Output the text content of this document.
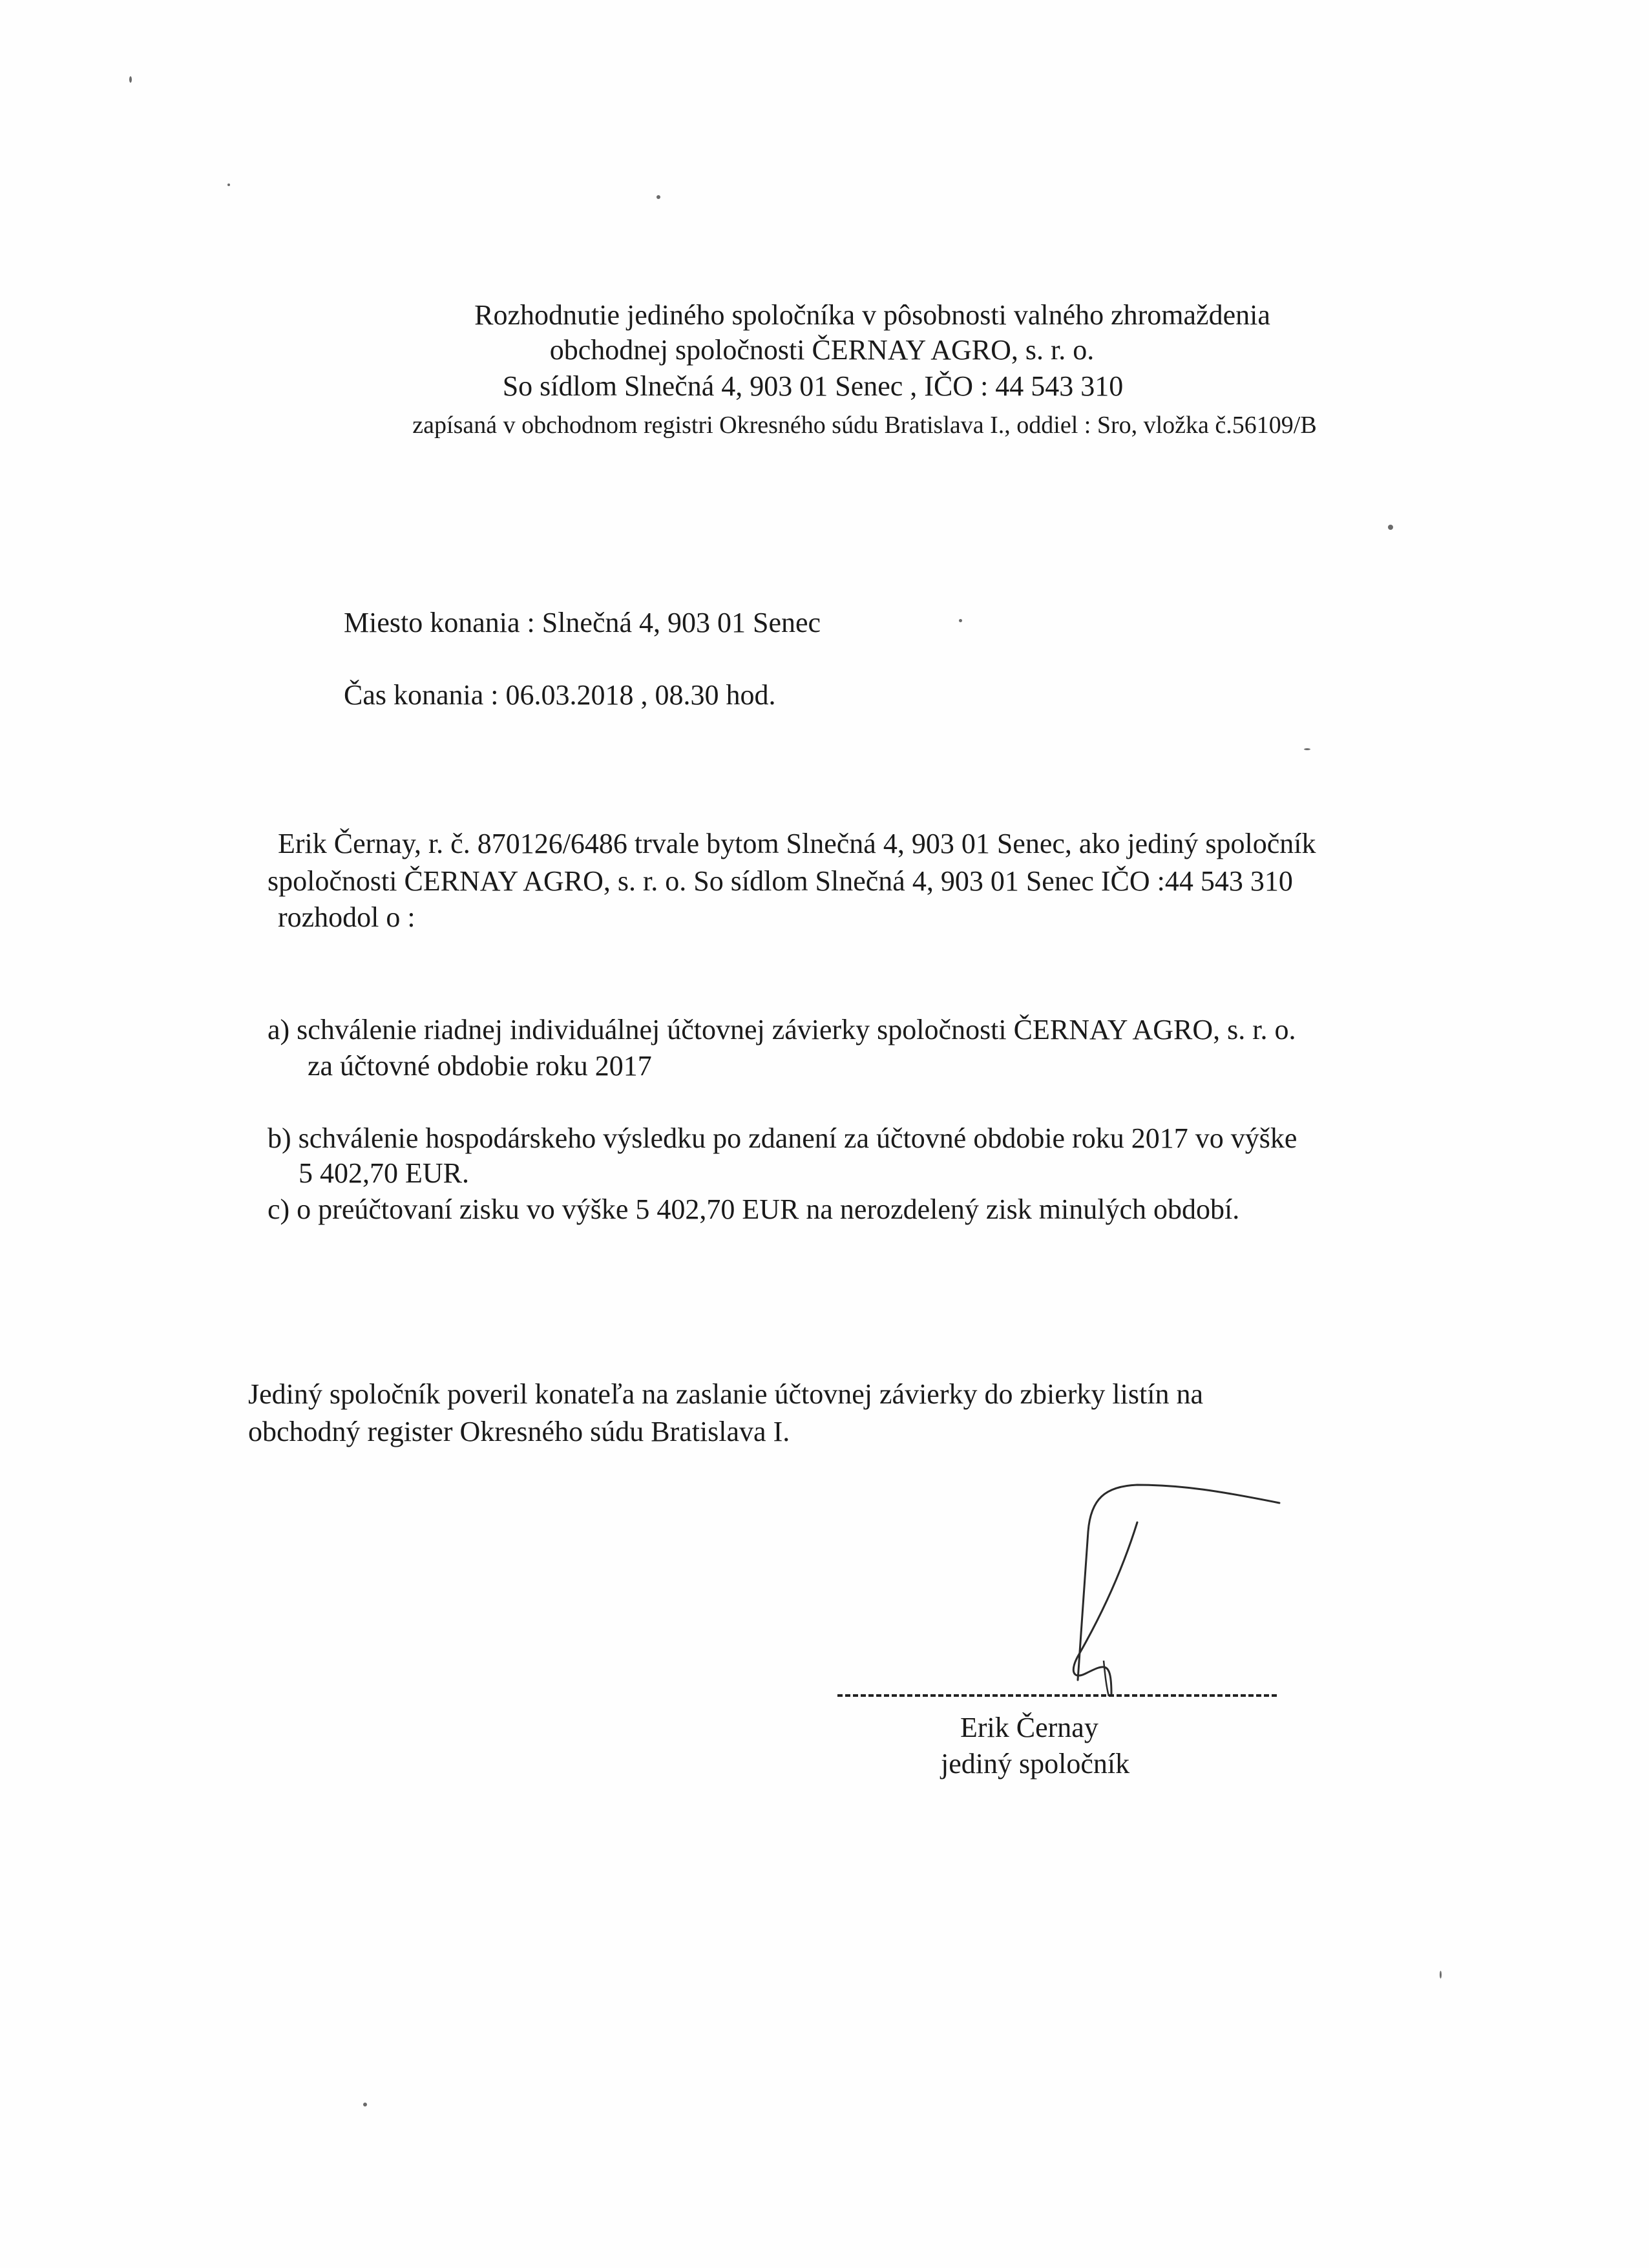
Rozhodnutie jediného spoločníka v pôsobnosti valného zhromaždenia
obchodnej spoločnosti ČERNAY AGRO, s. r. o.
So sídlom Slnečná 4, 903 01 Senec , IČO : 44 543 310
zapísaná v obchodnom registri Okresného súdu Bratislava I., oddiel : Sro, vložka č.56109/B
Miesto konania : Slnečná 4, 903 01 Senec
Čas konania : 06.03.2018 , 08.30 hod.
Erik Černay, r. č. 870126/6486 trvale bytom Slnečná 4, 903 01 Senec, ako jediný spoločník
spoločnosti ČERNAY AGRO, s. r. o. So sídlom Slnečná 4, 903 01 Senec IČO :44 543 310
rozhodol o :
a) schválenie riadnej individuálnej účtovnej závierky spoločnosti ČERNAY AGRO, s. r. o.
za účtovné obdobie roku 2017
b) schválenie hospodárskeho výsledku po zdanení za účtovné obdobie roku 2017 vo výške
5 402,70 EUR.
c) o preúčtovaní zisku vo výške 5 402,70 EUR na nerozdelený zisk minulých období.
Jediný spoločník poveril konateľa na zaslanie účtovnej závierky do zbierky listín na
obchodný register Okresného súdu Bratislava I.
Erik Černay
jediný spoločník
